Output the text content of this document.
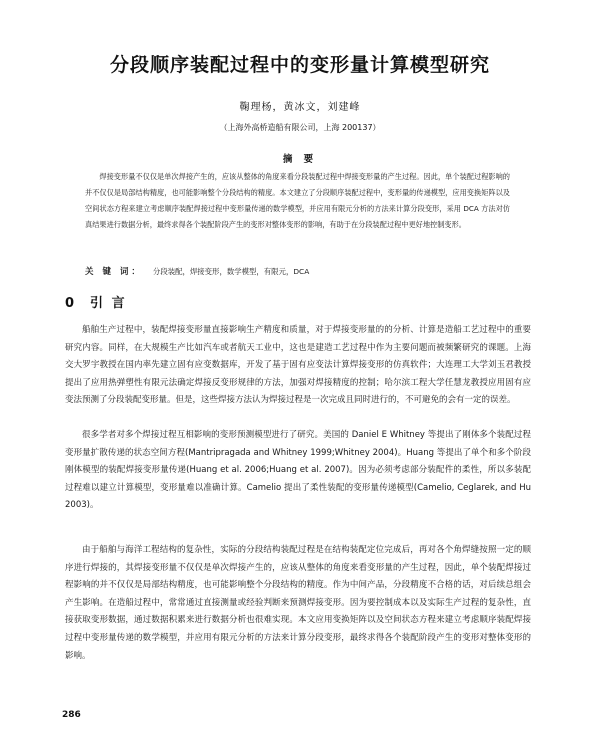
分段顺序装配过程中的变形量计算模型研究
鞠理杨，黄冰文，刘建峰
（上海外高桥造船有限公司，上海 200137）
摘 要
焊接变形量不仅仅是单次焊接产生的，应该从整体的角度来看分段装配过程中焊接变形量的产生过程。因此，单个装配过程影响的并不仅仅是局部结构精度，也可能影响整个分段结构的精度。本文建立了分段顺序装配过程中，变形量的传递模型，应用变换矩阵以及空间状态方程来建立考虑顺序装配焊接过程中变形量传递的数学模型，并应用有限元分析的方法来计算分段变形，采用 DCA 方法对仿真结果进行数据分析，最终求得各个装配阶段产生的变形对整体变形的影响，有助于在分段装配过程中更好地控制变形。
关 键 词： 分段装配，焊接变形，数学模型，有限元，DCA
0 引 言
船舶生产过程中，装配焊接变形量直接影响生产精度和质量，对于焊接变形量的的分析、计算是造船工艺过程中的重要研究内容。同样，在大规模生产比如汽车或者航天工业中，这也是建造工艺过程中作为主要问题而被频繁研究的课题。上海交大罗宇教授在国内率先建立固有应变数据库，开发了基于固有应变法计算焊接变形的仿真软件；大连理工大学刘玉君教授提出了应用热弹塑性有限元法确定焊接反变形规律的方法，加强对焊接精度的控制；哈尔滨工程大学任慧龙教授应用固有应变法预测了分段装配变形量。但是，这些焊接方法认为焊接过程是一次完成且同时进行的，不可避免的会有一定的误差。
很多学者对多个焊接过程互相影响的变形预测模型进行了研究。美国的 Daniel E Whitney 等提出了刚体多个装配过程变形量扩散传递的状态空间方程(Mantripragada and Whitney 1999;Whitney 2004)。Huang 等提出了单个和多个阶段刚体模型的装配焊接变形量传递(Huang et al. 2006;Huang et al. 2007)。因为必须考虑部分装配件的柔性，所以多装配过程难以建立计算模型，变形量难以准确计算。Camelio 提出了柔性装配的变形量传递模型(Camelio, Ceglarek, and Hu 2003)。
由于船舶与海洋工程结构的复杂性，实际的分段结构装配过程是在结构装配定位完成后，再对各个角焊缝按照一定的顺序进行焊接的，其焊接变形量不仅仅是单次焊接产生的，应该从整体的角度来看变形量的产生过程，因此，单个装配焊接过程影响的并不仅仅是局部结构精度，也可能影响整个分段结构的精度。作为中间产品，分段精度不合格的话，对后续总组会产生影响。在造船过程中，常常通过直接测量或经验判断来预测焊接变形。因为要控制成本以及实际生产过程的复杂性，直接获取变形数据，通过数据积累来进行数据分析也很难实现。本文应用变换矩阵以及空间状态方程来建立考虑顺序装配焊接过程中变形量传递的数学模型，并应用有限元分析的方法来计算分段变形，最终求得各个装配阶段产生的变形对整体变形的影响。
286
